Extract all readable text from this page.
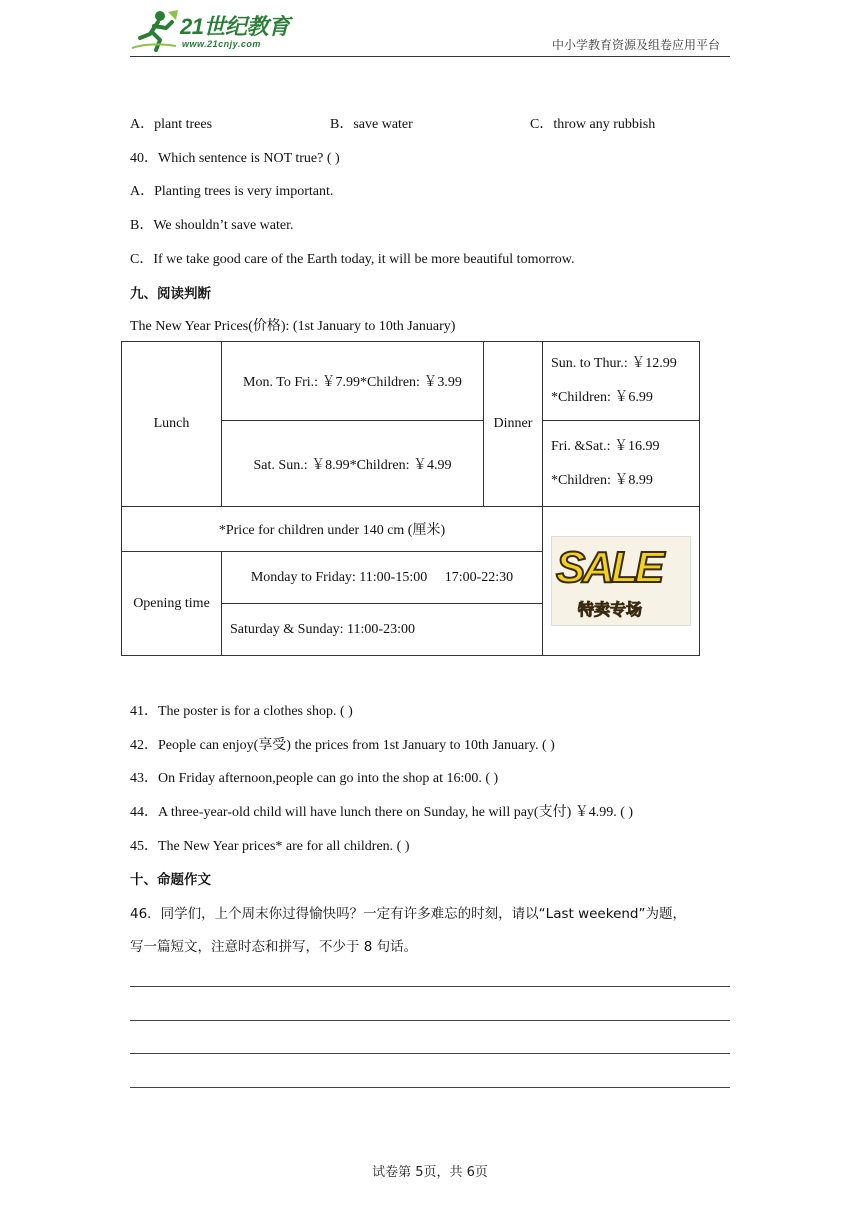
21世纪教育
www.21cnjy.com	中小学教育资源及组卷应用平台
A．plant trees	B．save water	C．throw any rubbish
40．Which sentence is NOT true? ( )
A．Planting trees is very important.
B．We shouldn’t save water.
C．If we take good care of the Earth today, it will be more beautiful tomorrow.
九、阅读判断
The New Year Prices(价格): (1st January to 10th January)
Lunch	Mon. To Fri.: ￥7.99*Children: ￥3.99	Dinner	Sun. to Thur.: ￥12.99
*Children: ￥6.99

	Sat. Sun.: ￥8.99*Children: ￥4.99		Fri. &Sat.: ￥16.99
*Children: ￥8.99

*Price for children under 140 cm (厘米)			SALE
特卖专场

Opening time	Monday to Friday: 11:00-15:00     17:00-22:30		
	Saturday & Sunday: 11:00-23:00		
41．The poster is for a clothes shop. ( )
42．People can enjoy(享受) the prices from 1st January to 10th January. ( )
43．On Friday afternoon,people can go into the shop at 16:00. ( )
44．A three-year-old child will have lunch there on Sunday, he will pay(支付) ￥4.99. ( )
45．The New Year prices* are for all children. ( )
十、命题作文
46．同学们，上个周末你过得愉快吗？一定有许多难忘的时刻，请以“Last weekend”为题，
写一篇短文，注意时态和拼写，不少于 8 句话。
试卷第 5页，共 6页
